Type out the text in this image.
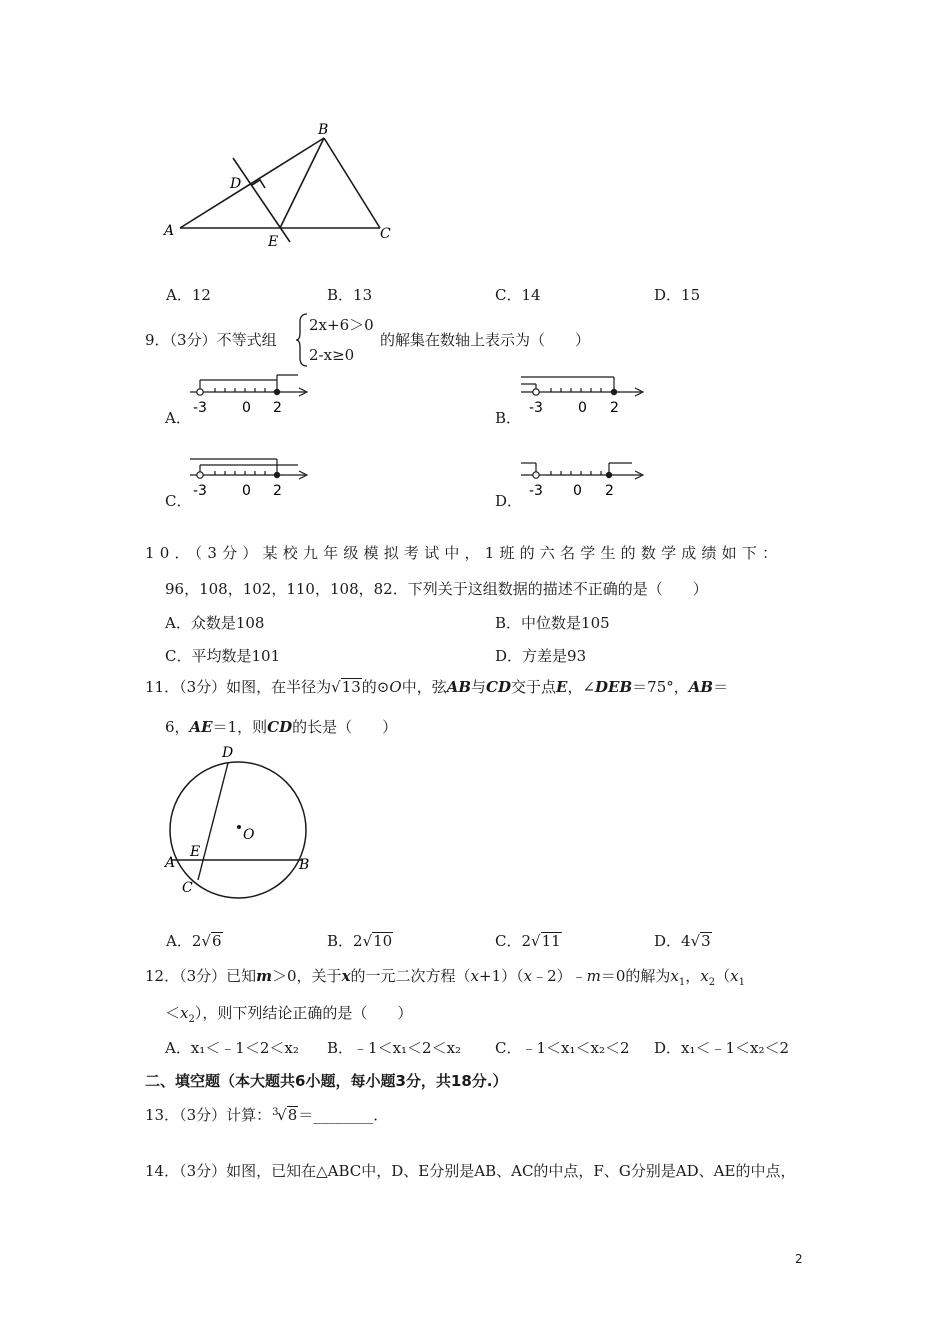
A
B
C
D
E
A．12	B．13	C．14	D．15
9．（3分）不等式组
2x+6＞0
2-x≥0
的解集在数轴上表示为（　　）
A．	B．
C．	D．
-3	0 2	-3	0 2
-3	0 2	-3 0 2
10．（3分）某校九年级模拟考试中，1班的六名学生的数学成绩如下：
96，108，102，110，108，82．下列关于这组数据的描述不正确的是（　　）
A．众数是108	B．中位数是105
C．平均数是101	D．方差是93
11．（3分）如图，在半径为√13的⊙O中，弦AB与CD交于点E，∠DEB＝75°，AB＝
6，AE＝1，则CD的长是（　　）
D
O
A
E
B
C
A．2√6	B．2√10	C．2√11	D．4√3
12．（3分）已知m＞0，关于x的一元二次方程（x+1）（x﹣2）﹣m＝0的解为$x_1$，$x_2(x_1$
$<x_2$），则下列结论正确的是（　　）
A．x₁＜﹣1＜2＜x₂ B．﹣1＜x₁＜2＜x₂ C．﹣1＜x₁＜x₂＜2 D．x₁＜﹣1＜x₂＜2
二、填空题（本大题共6小题，每小题3分，共18分.）
13．（3分）计算： 3
√8＝________．
14．（3分）如图，已知在△ABC中，D、E分别是AB、AC的中点，F、G分别是AD、AE的中点，
2
